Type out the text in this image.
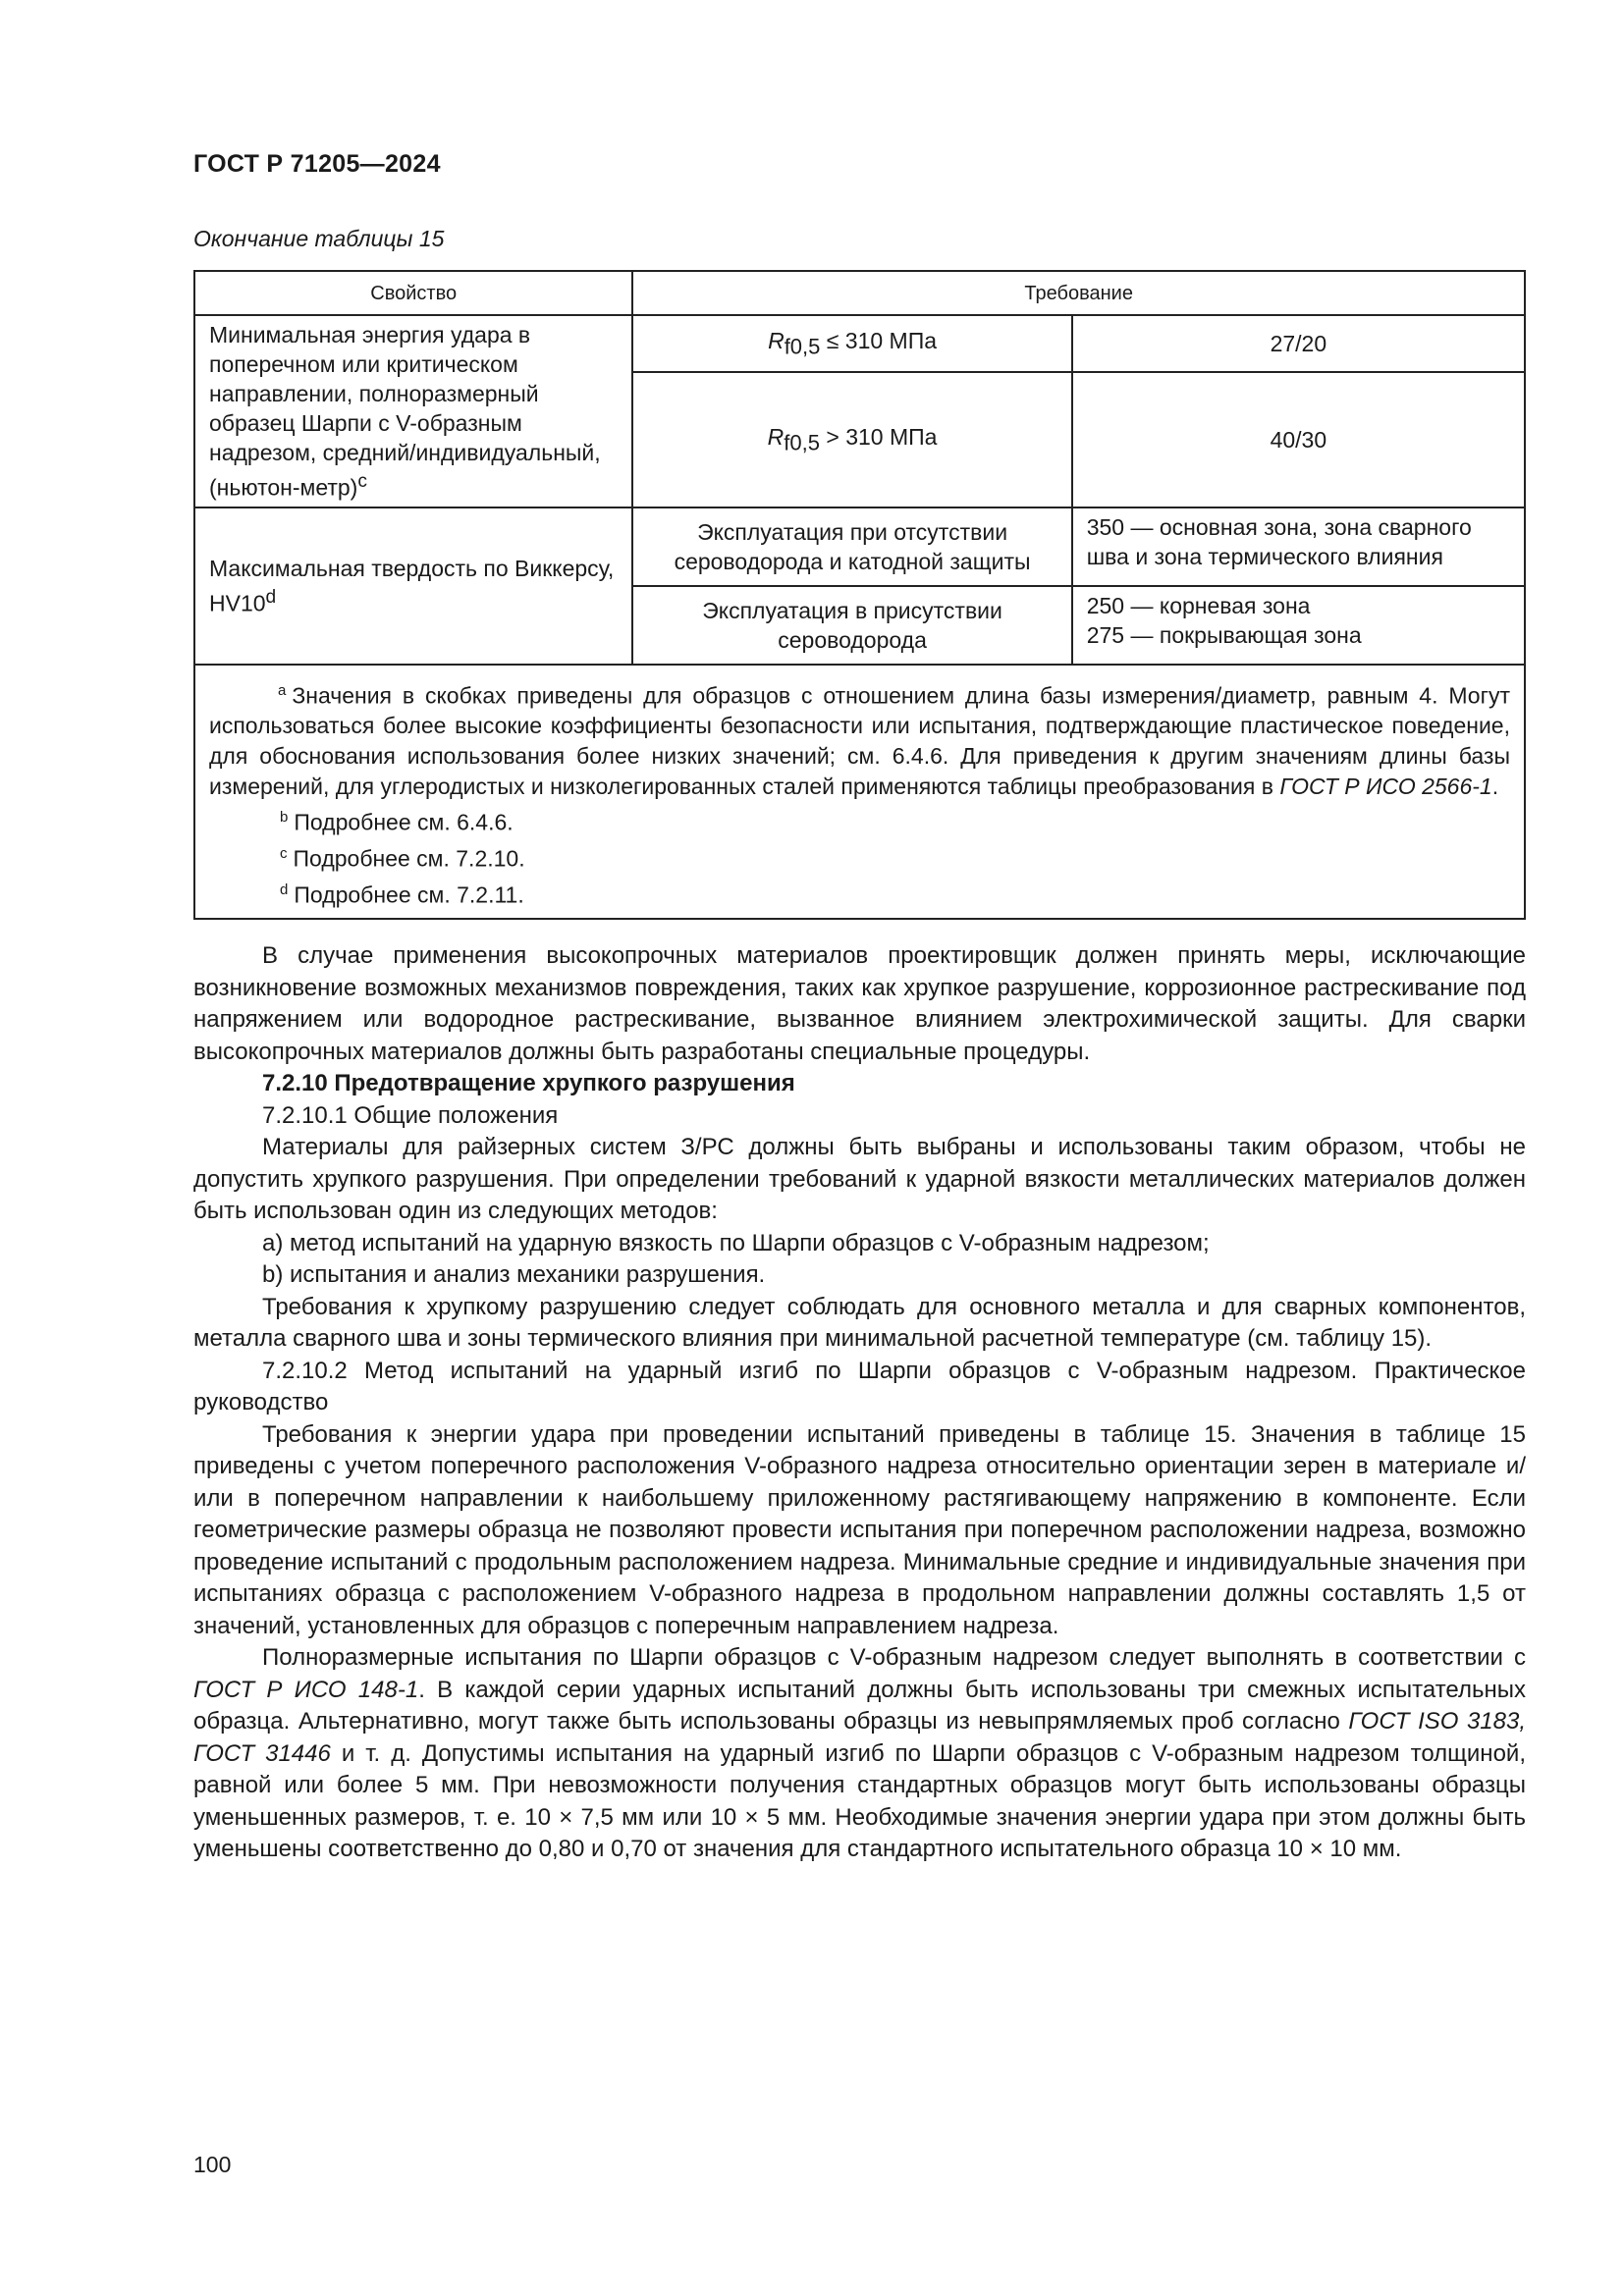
ГОСТ Р 71205—2024
Окончание таблицы 15
Свойство	Требование	
Минимальная энергия удара в поперечном или критическом направлении, полноразмерный образец Шарпи с V-образным надрезом, средний/индивидуальный, (ньютон-метр)$^c$	$R_{f0,5} \le 310$ МПа	27/20
	$R_{f0,5} > 310$ МПа	40/30
Максимальная твердость по Виккерсу, HV10$^d$	Эксплуатация при отсутствии сероводорода и катодной защиты	350 — основная зона, зона сварного шва и зона термического влияния
	Эксплуатация в присутствии сероводорода	250 — корневая зона
275 — покрывающая зона

$^a$ Значения в скобках приведены для образцов с отношением длина базы измерения/диаметр, равным 4. Могут использоваться более высокие коэффициенты безопасности или испытания, подтверждающие пластическое поведение, для обоснования использования более низких значений; см. 6.4.6. Для приведения к другим значениям длины базы измерений, для углеродистых и низколегированных сталей применяются таблицы преобразования в ГОСТ Р ИСО 2566-1.
$^b$ Подробнее см. 6.4.6.
$^c$ Подробнее см. 7.2.10.
$^d$ Подробнее см. 7.2.11.		

В случае применения высокопрочных материалов проектировщик должен принять меры, исключающие возникновение возможных механизмов повреждения, таких как хрупкое разрушение, коррозионное растрескивание под напряжением или водородное растрескивание, вызванное влиянием электрохимической защиты. Для сварки высокопрочных материалов должны быть разработаны специальные процедуры.

7.2.10 Предотвращение хрупкого разрушения

7.2.10.1 Общие положения

Материалы для райзерных систем З/РС должны быть выбраны и использованы таким образом, чтобы не допустить хрупкого разрушения. При определении требований к ударной вязкости металлических материалов должен быть использован один из следующих методов:

a) метод испытаний на ударную вязкость по Шарпи образцов с V-образным надрезом;

b) испытания и анализ механики разрушения.

Требования к хрупкому разрушению следует соблюдать для основного металла и для сварных компонентов, металла сварного шва и зоны термического влияния при минимальной расчетной температуре (см. таблицу 15).

7.2.10.2 Метод испытаний на ударный изгиб по Шарпи образцов с V-образным надрезом. Практическое руководство

Требования к энергии удара при проведении испытаний приведены в таблице 15. Значения в таблице 15 приведены с учетом поперечного расположения V-образного надреза относительно ориентации зерен в материале и/или в поперечном направлении к наибольшему приложенному растягивающему напряжению в компоненте. Если геометрические размеры образца не позволяют провести испытания при поперечном расположении надреза, возможно проведение испытаний с продольным расположением надреза. Минимальные средние и индивидуальные значения при испытаниях образца с расположением V-образного надреза в продольном направлении должны составлять 1,5 от значений, установленных для образцов с поперечным направлением надреза.

Полноразмерные испытания по Шарпи образцов с V-образным надрезом следует выполнять в соответствии с ГОСТ Р ИСО 148-1. В каждой серии ударных испытаний должны быть использованы три смежных испытательных образца. Альтернативно, могут также быть использованы образцы из невыпрямляемых проб согласно ГОСТ ISO 3183, ГОСТ 31446 и т. д. Допустимы испытания на ударный изгиб по Шарпи образцов с V-образным надрезом толщиной, равной или более 5 мм. При невозможности получения стандартных образцов могут быть использованы образцы уменьшенных размеров, т. е. 10 × 7,5 мм или 10 × 5 мм. Необходимые значения энергии удара при этом должны быть уменьшены соответственно до 0,80 и 0,70 от значения для стандартного испытательного образца 10 × 10 мм.

100
